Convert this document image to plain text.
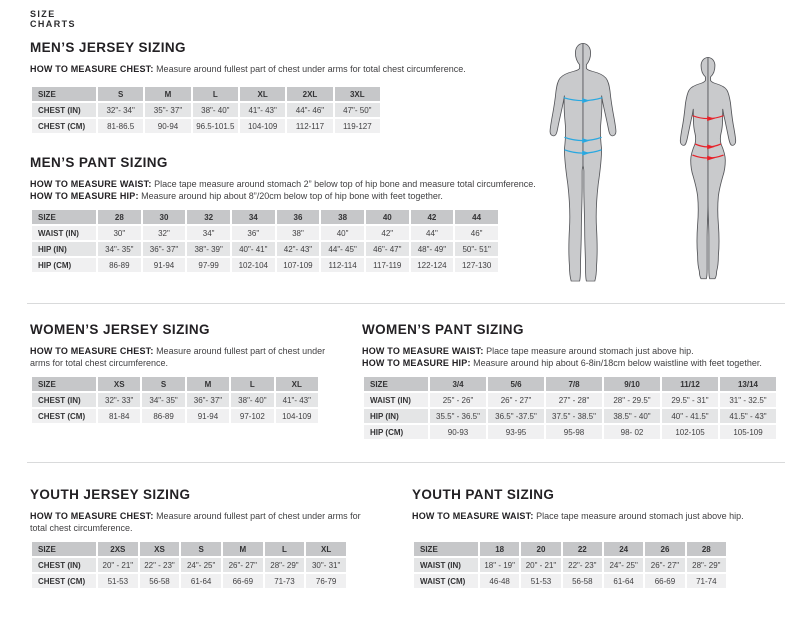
SIZE
CHARTS
MEN’S JERSEY SIZING
HOW TO MEASURE CHEST: Measure around fullest part of chest under arms for total chest circumference.
SIZE	S	M	L	XL	2XL	3XL
CHEST (IN)	32"- 34"	35"- 37"	38"- 40"	41"- 43"	44"- 46"	47"- 50"
CHEST (CM)	81-86.5	90-94	96.5-101.5	104-109	112-117	119-127
MEN’S PANT SIZING
HOW TO MEASURE WAIST: Place tape measure around stomach 2” below top of hip bone and measure total circumference.
HOW TO MEASURE HIP: Measure around hip about 8”/20cm below top of hip bone with feet together.
SIZE	28	30	32	34	36	38	40	42	44
WAIST (IN)	30"	32"	34"	36"	38"	40"	42"	44"	46"
HIP (IN)	34"- 35"	36"- 37"	38"- 39"	40"- 41"	42"- 43"	44"- 45"	46"- 47"	48"- 49"	50"- 51"
HIP (CM)	86-89	91-94	97-99	102-104	107-109	112-114	117-119	122-124	127-130
WOMEN’S JERSEY SIZING
HOW TO MEASURE CHEST: Measure around fullest part of chest under arms for total chest circumference.
SIZE	XS	S	M	L	XL
CHEST (IN)	32"- 33"	34"- 35"	36"- 37"	38"- 40"	41"- 43"
CHEST (CM)	81-84	86-89	91-94	97-102	104-109
WOMEN’S PANT SIZING
HOW TO MEASURE WAIST: Place tape measure around stomach just above hip.
HOW TO MEASURE HIP: Measure around hip about 6-8in/18cm below waistline with feet together.
SIZE	3/4	5/6	7/8	9/10	11/12	13/14
WAIST (IN)	25" - 26"	26" - 27"	27" - 28"	28" - 29.5"	29.5" - 31"	31" - 32.5"
HIP (IN)	35.5" - 36.5"	36.5" -37.5"	37.5" - 38.5"	38.5" - 40"	40" - 41.5"	41.5" - 43"
HIP (CM)	90-93	93-95	95-98	98- 02	102-105	105-109
YOUTH JERSEY SIZING
HOW TO MEASURE CHEST: Measure around fullest part of chest under arms for total chest circumference.
SIZE	2XS	XS	S	M	L	XL
CHEST (IN)	20" - 21"	22" - 23"	24"- 25"	26"- 27"	28"- 29"	30"- 31"
CHEST (CM)	51-53	56-58	61-64	66-69	71-73	76-79
YOUTH PANT SIZING
HOW TO MEASURE WAIST: Place tape measure around stomach just above hip.
SIZE	18	20	22	24	26	28
WAIST (IN)	18" - 19"	20" - 21"	22"- 23"	24"- 25"	26"- 27"	28"- 29"
WAIST (CM)	46-48	51-53	56-58	61-64	66-69	71-74
